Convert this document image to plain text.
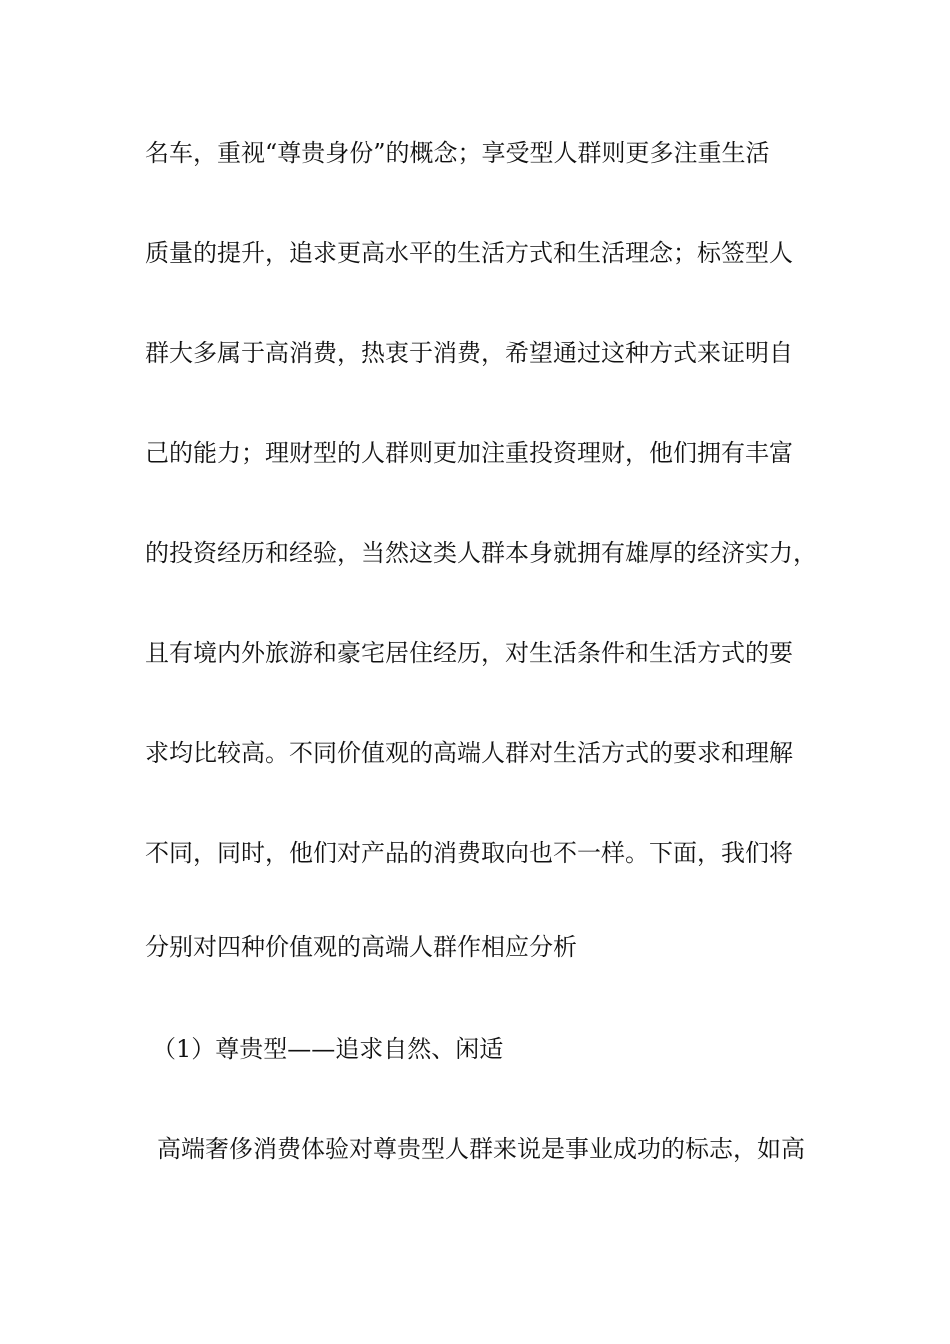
名车，重视“尊贵身份”的概念；享受型人群则更多注重生活

质量的提升，追求更高水平的生活方式和生活理念；标签型人

群大多属于高消费，热衷于消费，希望通过这种方式来证明自

己的能力；理财型的人群则更加注重投资理财，他们拥有丰富

的投资经历和经验，当然这类人群本身就拥有雄厚的经济实力，

且有境内外旅游和豪宅居住经历，对生活条件和生活方式的要

求均比较高。不同价值观的高端人群对生活方式的要求和理解

不同，同时，他们对产品的消费取向也不一样。下面，我们将

分别对四种价值观的高端人群作相应分析

（1）尊贵型——追求自然、闲适

高端奢侈消费体验对尊贵型人群来说是事业成功的标志，如高
